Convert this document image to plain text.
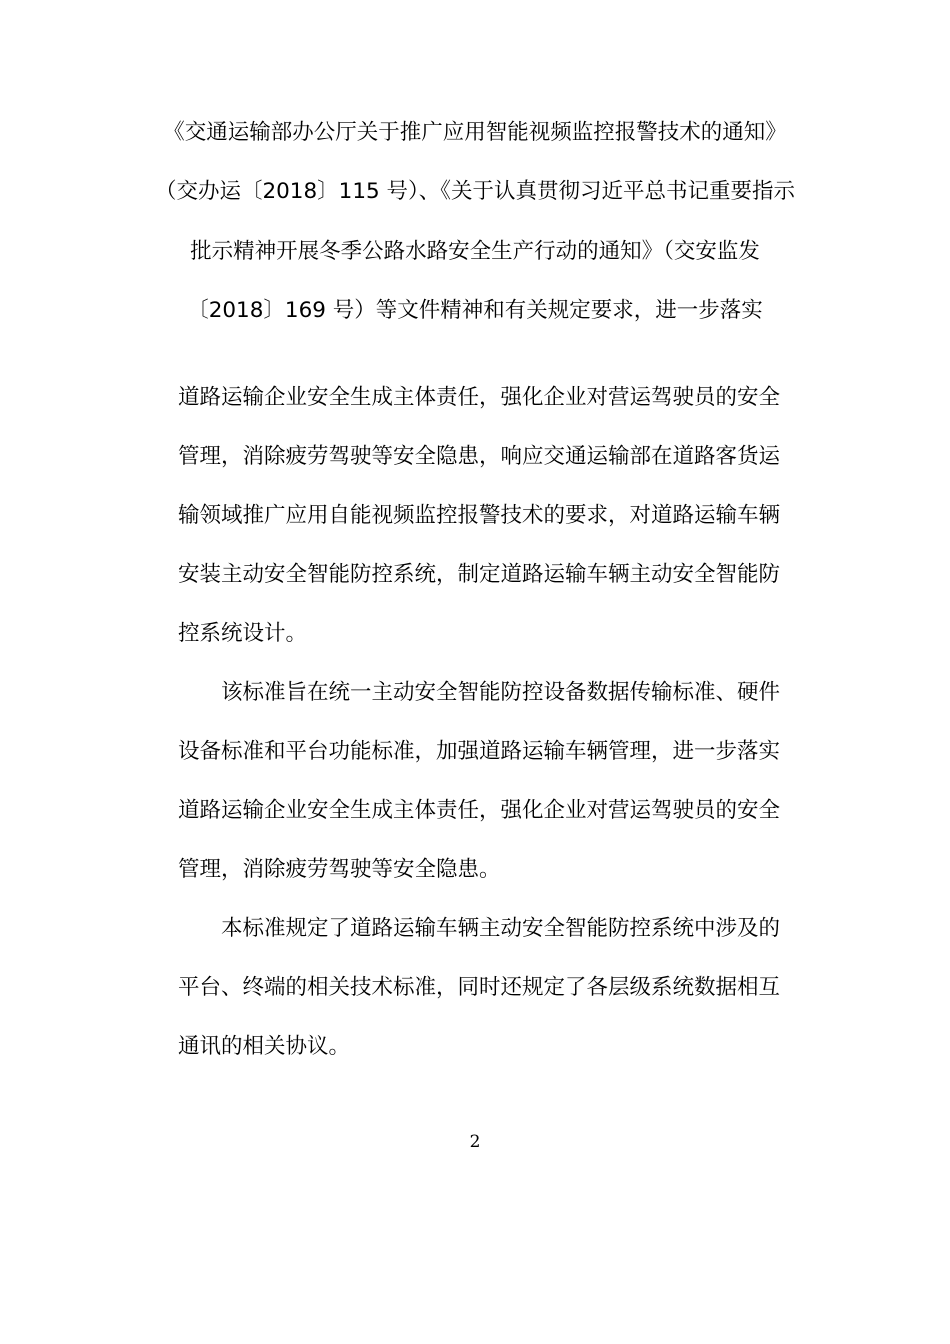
《交通运输部办公厅关于推广应用智能视频监控报警技术的通知》
（交办运〔2018〕115 号）、《关于认真贯彻习近平总书记重要指示
批示精神开展冬季公路水路安全生产行动的通知》（交安监发
〔2018〕169 号）等文件精神和有关规定要求，进一步落实
道路运输企业安全生成主体责任，强化企业对营运驾驶员的安全
管理，消除疲劳驾驶等安全隐患，响应交通运输部在道路客货运
输领域推广应用自能视频监控报警技术的要求，对道路运输车辆
安装主动安全智能防控系统，制定道路运输车辆主动安全智能防
控系统设计。
该标准旨在统一主动安全智能防控设备数据传输标准、硬件
设备标准和平台功能标准，加强道路运输车辆管理，进一步落实
道路运输企业安全生成主体责任，强化企业对营运驾驶员的安全
管理，消除疲劳驾驶等安全隐患。
本标准规定了道路运输车辆主动安全智能防控系统中涉及的
平台、终端的相关技术标准，同时还规定了各层级系统数据相互
通讯的相关协议。
2
